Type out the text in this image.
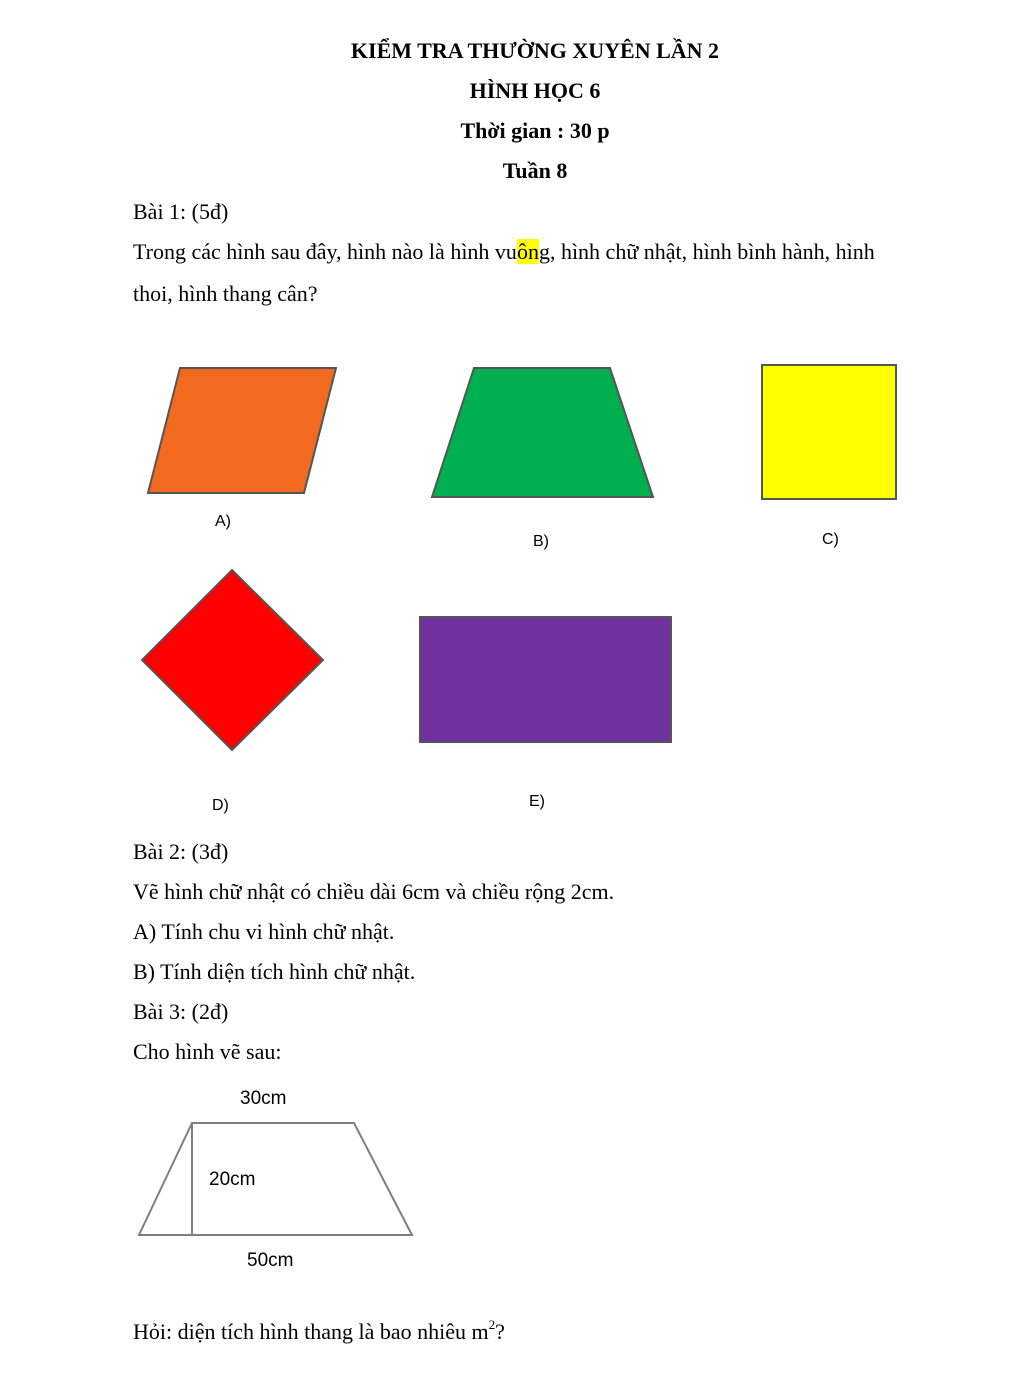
KIỂM TRA THƯỜNG XUYÊN LẦN 2
HÌNH HỌC 6
Thời gian : 30 p
Tuần 8
Bài 1: (5đ)
Trong các hình sau đây, hình nào là hình vuông, hình chữ nhật, hình bình hành, hình
thoi, hình thang cân?
A)
B)	C)
D)	E)
Bài 2: (3đ)
Vẽ hình chữ nhật có chiều dài 6cm và chiều rộng 2cm.
A) Tính chu vi hình chữ nhật.
B) Tính diện tích hình chữ nhật.
Bài 3: (2đ)
Cho hình vẽ sau:
30cm
20cm
50cm
Hỏi: diện tích hình thang là bao nhiêu $m^2$?
